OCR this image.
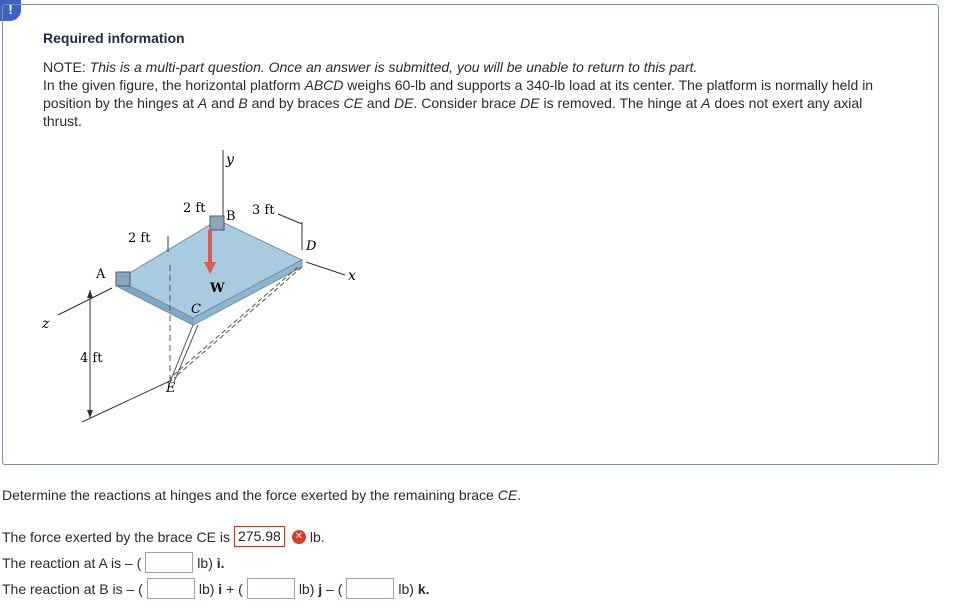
!
Required information

NOTE: This is a multi-part question. Once an answer is submitted, you will be unable to return to this part.

In the given figure, the horizontal platform ABCD weighs 60-lb and supports a 340-lb load at its center. The platform is normally held in position by the hinges at A and B and by braces CE and DE. Consider brace DE is removed. The hinge at A does not exert any axial thrust.

y
x
z
4 ft
W
A
B
C
D
E
2 ft
2 ft	3 ft
Determine the reactions at hinges and the force exerted by the remaining brace CE.
The force exerted by the brace CE is 275.98	✕ lb.
The reaction at A is – (	lb)
i.
The reaction at B is – (	lb)
i
+ (	lb)
j
– (	lb)
k.
